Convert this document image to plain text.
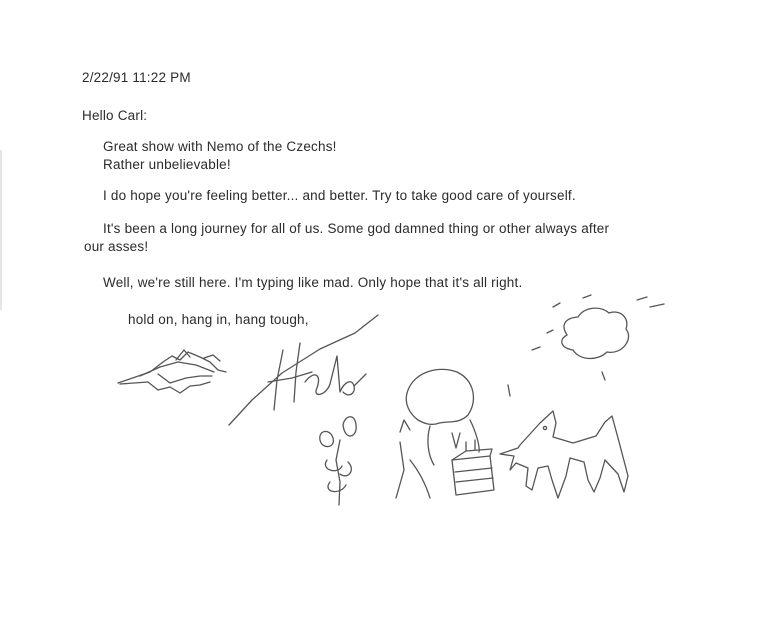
2/22/91 11:22 PM
Hello Carl:
Great show with Nemo of the Czechs!
Rather unbelievable!
I do hope you're feeling better... and better. Try to take good care of yourself.
It's been a long journey for all of us. Some god damned thing or other always after
our asses!
Well, we're still here. I'm typing like mad. Only hope that it's all right.
hold on, hang in, hang tough,
